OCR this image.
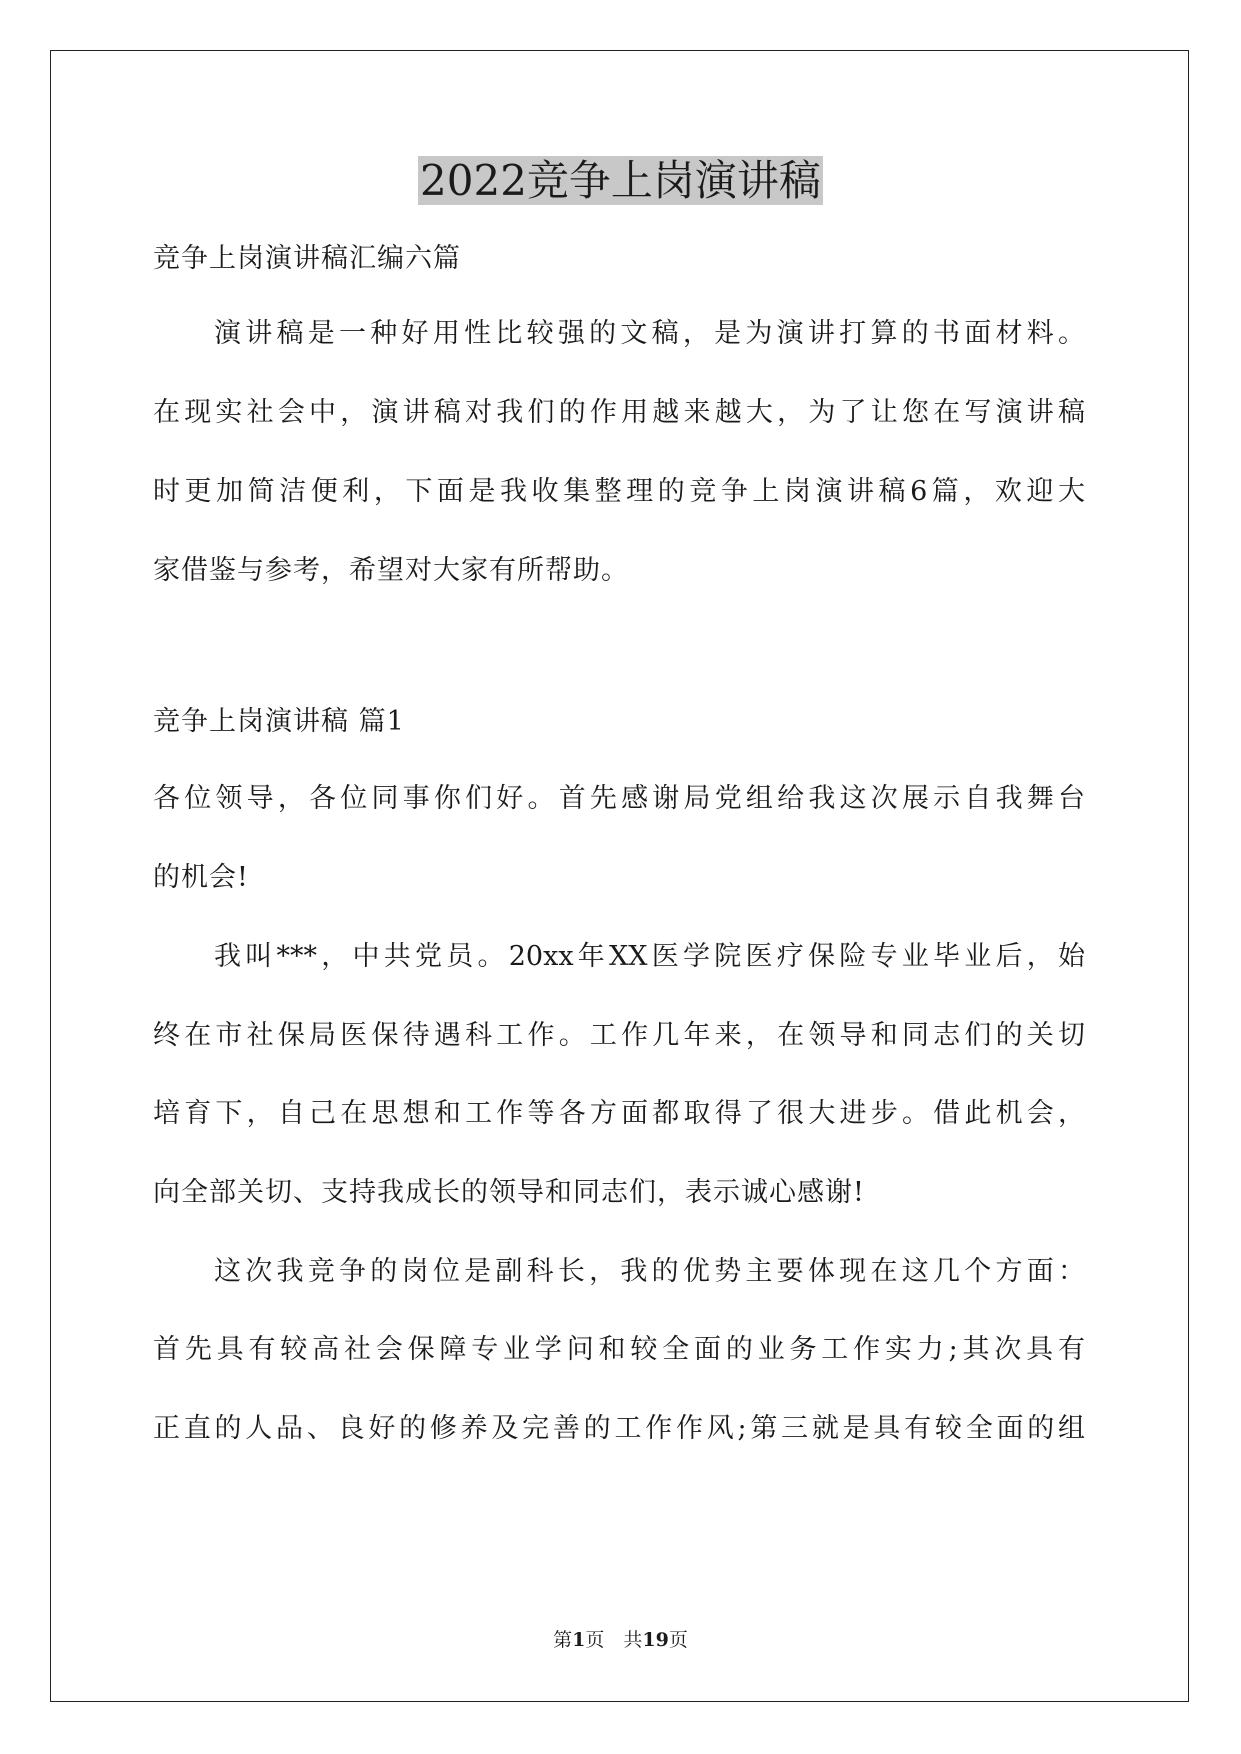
2022竞争上岗演讲稿
竞争上岗演讲稿汇编六篇
演讲稿是一种好用性比较强的文稿，是为演讲打算的书面材料。
在现实社会中，演讲稿对我们的作用越来越大，为了让您在写演讲稿
时更加简洁便利，下面是我收集整理的竞争上岗演讲稿6篇，欢迎大
家借鉴与参考，希望对大家有所帮助。
竞争上岗演讲稿 篇1
各位领导，各位同事你们好。首先感谢局党组给我这次展示自我舞台
的机会!
我叫***，中共党员。20xx年XX医学院医疗保险专业毕业后，始
终在市社保局医保待遇科工作。工作几年来，在领导和同志们的关切
培育下，自己在思想和工作等各方面都取得了很大进步。借此机会，
向全部关切、支持我成长的领导和同志们，表示诚心感谢!
这次我竞争的岗位是副科长，我的优势主要体现在这几个方面：
首先具有较高社会保障专业学问和较全面的业务工作实力;其次具有
正直的人品、良好的修养及完善的工作作风;第三就是具有较全面的组
第1页　共19页
